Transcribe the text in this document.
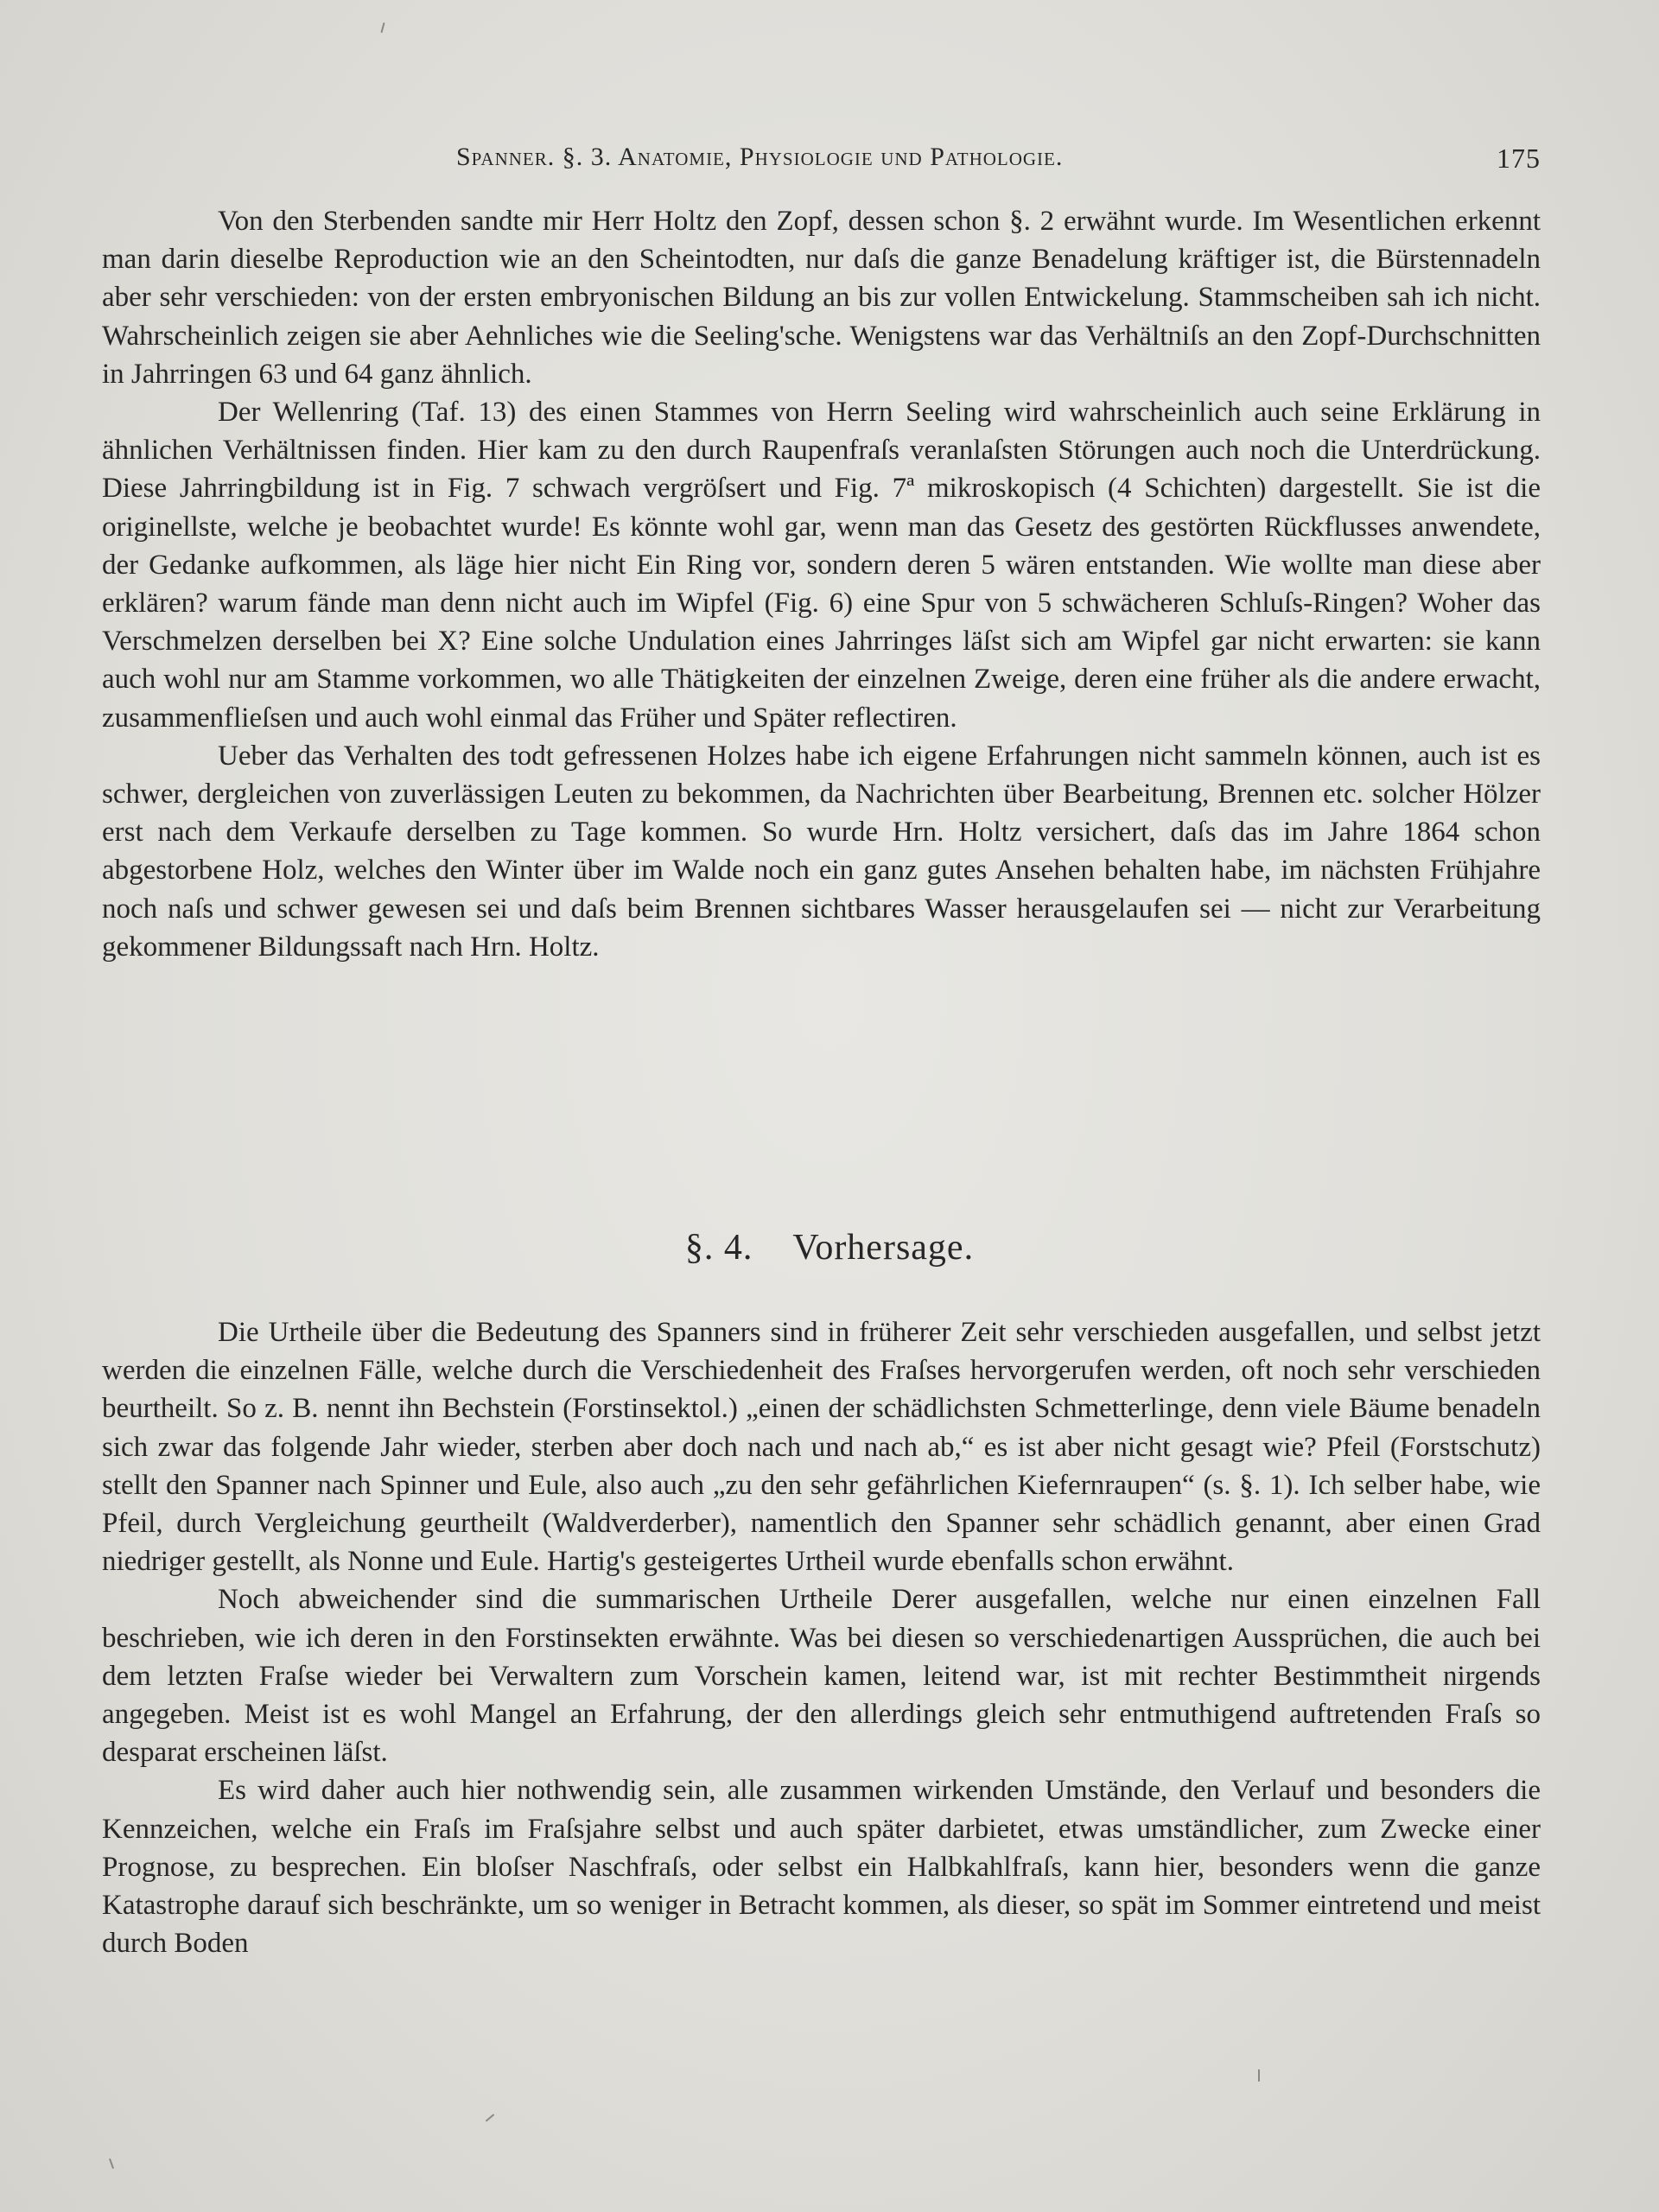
Spanner. §. 3. Anatomie, Physiologie und Pathologie.	175

Von den Sterbenden sandte mir Herr Holtz den Zopf, dessen schon §. 2 erwähnt wurde. Im Wesentlichen erkennt man darin dieselbe Reproduction wie an den Scheintodten, nur daſs die ganze Benadelung kräftiger ist, die Bürstennadeln aber sehr verschieden: von der ersten embryonischen Bildung an bis zur vollen Entwickelung. Stammscheiben sah ich nicht. Wahrscheinlich zeigen sie aber Aehnliches wie die Seeling'sche. Wenigstens war das Verhältniſs an den Zopf-Durchschnitten in Jahrringen 63 und 64 ganz ähnlich.

Der Wellenring (Taf. 13) des einen Stammes von Herrn Seeling wird wahrscheinlich auch seine Erklärung in ähnlichen Verhältnissen finden. Hier kam zu den durch Raupenfraſs veranlaſsten Störungen auch noch die Unterdrückung. Diese Jahrringbildung ist in Fig. 7 schwach vergröſsert und Fig. 7ª mikroskopisch (4 Schichten) dargestellt. Sie ist die originellste, welche je beobachtet wurde! Es könnte wohl gar, wenn man das Gesetz des gestörten Rückflusses anwendete, der Gedanke aufkommen, als läge hier nicht Ein Ring vor, sondern deren 5 wären entstanden. Wie wollte man diese aber erklären? warum fände man denn nicht auch im Wipfel (Fig. 6) eine Spur von 5 schwächeren Schluſs-Ringen? Woher das Verschmelzen derselben bei X? Eine solche Undulation eines Jahrringes läſst sich am Wipfel gar nicht erwarten: sie kann auch wohl nur am Stamme vorkommen, wo alle Thätigkeiten der einzelnen Zweige, deren eine früher als die andere erwacht, zusammenflieſsen und auch wohl einmal das Früher und Später reflectiren.

Ueber das Verhalten des todt gefressenen Holzes habe ich eigene Erfahrungen nicht sammeln können, auch ist es schwer, dergleichen von zuverlässigen Leuten zu bekommen, da Nachrichten über Bearbeitung, Brennen etc. solcher Hölzer erst nach dem Verkaufe derselben zu Tage kommen. So wurde Hrn. Holtz versichert, daſs das im Jahre 1864 schon abgestorbene Holz, welches den Winter über im Walde noch ein ganz gutes Ansehen behalten habe, im nächsten Frühjahre noch naſs und schwer gewesen sei und daſs beim Brennen sichtbares Wasser herausgelaufen sei — nicht zur Verarbeitung gekommener Bildungssaft nach Hrn. Holtz.

§. 4. Vorhersage.

Die Urtheile über die Bedeutung des Spanners sind in früherer Zeit sehr verschieden ausgefallen, und selbst jetzt werden die einzelnen Fälle, welche durch die Verschiedenheit des Fraſses hervorgerufen werden, oft noch sehr verschieden beurtheilt. So z. B. nennt ihn Bechstein (Forstinsektol.) „einen der schädlichsten Schmetterlinge, denn viele Bäume benadeln sich zwar das folgende Jahr wieder, sterben aber doch nach und nach ab,“ es ist aber nicht gesagt wie? Pfeil (Forstschutz) stellt den Spanner nach Spinner und Eule, also auch „zu den sehr gefährlichen Kiefernraupen“ (s. §. 1). Ich selber habe, wie Pfeil, durch Vergleichung geurtheilt (Waldverderber), namentlich den Spanner sehr schädlich genannt, aber einen Grad niedriger gestellt, als Nonne und Eule. Hartig's gesteigertes Urtheil wurde ebenfalls schon erwähnt.

Noch abweichender sind die summarischen Urtheile Derer ausgefallen, welche nur einen einzelnen Fall beschrieben, wie ich deren in den Forstinsekten erwähnte. Was bei diesen so verschiedenartigen Aussprüchen, die auch bei dem letzten Fraſse wieder bei Verwaltern zum Vorschein kamen, leitend war, ist mit rechter Bestimmtheit nirgends angegeben. Meist ist es wohl Mangel an Erfahrung, der den allerdings gleich sehr entmuthigend auftretenden Fraſs so desparat erscheinen läſst.

Es wird daher auch hier nothwendig sein, alle zusammen wirkenden Umstände, den Verlauf und besonders die Kennzeichen, welche ein Fraſs im Fraſsjahre selbst und auch später darbietet, etwas umständlicher, zum Zwecke einer Prognose, zu besprechen. Ein bloſser Naschfraſs, oder selbst ein Halbkahlfraſs, kann hier, besonders wenn die ganze Katastrophe darauf sich beschränkte, um so weniger in Betracht kommen, als dieser, so spät im Sommer eintretend und meist durch Boden
